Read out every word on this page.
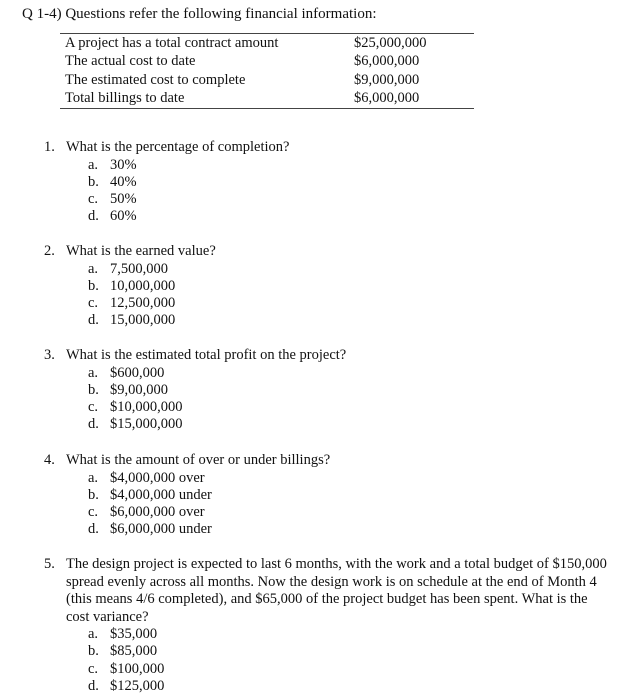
Q 1-4) Questions refer the following financial information:
A project has a total contract amount	$25,000,000
The actual cost to date	$6,000,000
The estimated cost to complete	$9,000,000
Total billings to date	$6,000,000
1. What is the percentage of completion?
a. 30%
b. 40%
c. 50%
d. 60%
2. What is the earned value?
a. 7,500,000
b. 10,000,000
c. 12,500,000
d. 15,000,000
3. What is the estimated total profit on the project?
a. $600,000
b. $9,00,000
c. $10,000,000
d. $15,000,000
4. What is the amount of over or under billings?
a. $4,000,000 over
b. $4,000,000 under
c. $6,000,000 over
d. $6,000,000 under
5. The design project is expected to last 6 months, with the work and a total budget of $150,000 spread evenly across all months. Now the design work is on schedule at the end of Month 4 (this means 4/6 completed), and $65,000 of the project budget has been spent. What is the cost variance?
a. $35,000
b. $85,000
c. $100,000
d. $125,000
